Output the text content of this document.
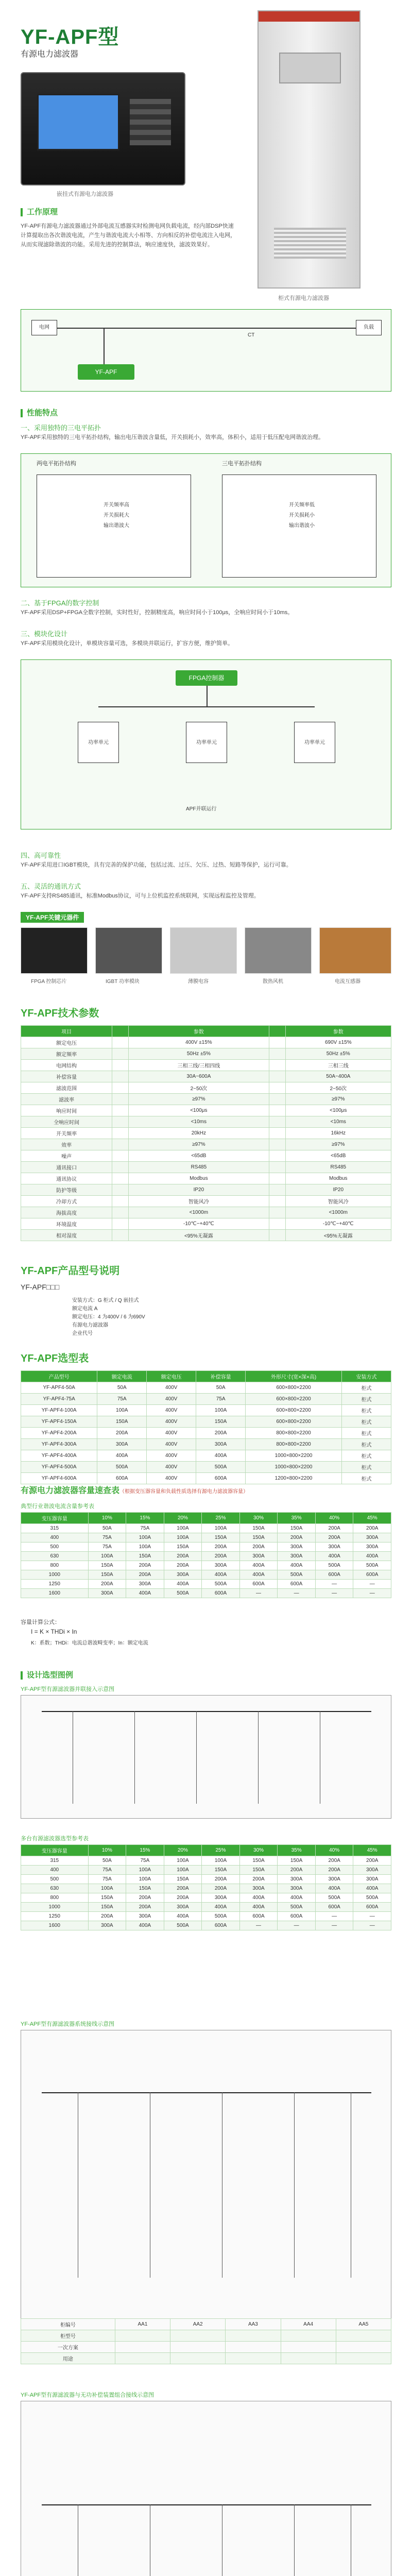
YF-APF型
有源电力滤波器
嵌挂式有源电力滤波器
柜式有源电力滤波器
工作原理
YF-APF有源电力滤波器通过外部电流互感器实时检测电网负载电流，经内部DSP快速计算提取出各次谐波电流，产生与谐波电流大小相等、方向相反的补偿电流注入电网，从而实现滤除谐波的功能。采用先进的控制算法，响应速度快，滤波效果好。
电网	负载
YF-APF
CT
性能特点
一、采用独特的三电平拓扑
YF-APF采用独特的三电平拓扑结构，输出电压谐波含量低，开关损耗小，效率高，体积小，适用于低压配电网谐波治理。
两电平拓扑结构	三电平拓扑结构
开关频率高
开关损耗大
输出谐波大
开关频率低
开关损耗小
输出谐波小
二、基于FPGA的数字控制
YF-APF采用DSP+FPGA全数字控制，实时性好，控制精度高，响应时间小于100μs，全响应时间小于10ms。
三、模块化设计
YF-APF采用模块化设计，单模块容量可选，多模块并联运行，扩容方便，维护简单。
FPGA控制器
功率单元	功率单元	功率单元
APF并联运行
四、高可靠性
YF-APF采用进口IGBT模块，具有完善的保护功能，包括过流、过压、欠压、过热、短路等保护，运行可靠。
五、灵活的通讯方式
YF-APF支持RS485通讯，标准Modbus协议，可与上位机监控系统联网，实现远程监控及管理。
YF-APF关键元器件
FPGA 控制芯片	IGBT 功率模块	薄膜电容	散热风机	电流互感器
YF-APF技术参数
项目		参数		参数
额定电压		400V ±15%		690V ±15%
额定频率		50Hz ±5%		50Hz ±5%
电网结构		三相三线/三相四线		三相三线
补偿容量		30A~600A		50A~400A
滤波范围		2~50次		2~50次
滤波率		≥97%		≥97%
响应时间		<100μs		<100μs
全响应时间		<10ms		<10ms
开关频率		20kHz		16kHz
效率		≥97%		≥97%
噪声		<65dB		<65dB
通讯接口		RS485		RS485
通讯协议		Modbus		Modbus
防护等级		IP20		IP20
冷却方式		智能风冷		智能风冷
海拔高度		<1000m		<1000m
环境温度		-10℃~+40℃		-10℃~+40℃
相对湿度		<95%无凝露		<95%无凝露
YF-APF产品型号说明
YF-APF□□□
安装方式：G 柜式 / Q 嵌挂式
额定电流 A
额定电压：4 为400V / 6 为690V
有源电力滤波器
企业代号
YF-APF选型表
产品型号	额定电流	额定电压	补偿容量	外形尺寸(宽×深×高)	安装方式
YF-APF4-50A	50A	400V	50A	600×800×2200	柜式
YF-APF4-75A	75A	400V	75A	600×800×2200	柜式
YF-APF4-100A	100A	400V	100A	600×800×2200	柜式
YF-APF4-150A	150A	400V	150A	600×800×2200	柜式
YF-APF4-200A	200A	400V	200A	800×800×2200	柜式
YF-APF4-300A	300A	400V	300A	800×800×2200	柜式
YF-APF4-400A	400A	400V	400A	1000×800×2200	柜式
YF-APF4-500A	500A	400V	500A	1000×800×2200	柜式
YF-APF4-600A	600A	400V	600A	1200×800×2200	柜式
有源电力滤波器容量速查表（根据变压器容量和负载性质选择有源电力滤波器容量）
典型行业谐波电流含量参考表
变压器容量	10%	15%	20%	25%	30%	35%	40%	45%
315	50A	75A	100A	100A	150A	150A	200A	200A
400	75A	100A	100A	150A	150A	200A	200A	300A
500	75A	100A	150A	200A	200A	300A	300A	300A
630	100A	150A	200A	200A	300A	300A	400A	400A
800	150A	200A	200A	300A	400A	400A	500A	500A
1000	150A	200A	300A	400A	400A	500A	600A	600A
1250	200A	300A	400A	500A	600A	600A	—	—
1600	300A	400A	500A	600A	—	—	—	—
容量计算公式：
I = K × THDi × In
K：系数；THDi：电流总谐波畸变率；In：额定电流
设计选型图例
YF-APF型有源滤波器并联接入示意图
多台有源滤波器选型参考表
变压器容量	10%	15%	20%	25%	30%	35%	40%	45%
315	50A	75A	100A	100A	150A	150A	200A	200A
400	75A	100A	100A	150A	150A	200A	200A	300A
500	75A	100A	150A	200A	200A	300A	300A	300A
630	100A	150A	200A	200A	300A	300A	400A	400A
800	150A	200A	200A	300A	400A	400A	500A	500A
1000	150A	200A	300A	400A	400A	500A	600A	600A
1250	200A	300A	400A	500A	600A	600A	—	—
1600	300A	400A	500A	600A	—	—	—	—
YF-APF型有源滤波器系统接线示意图
柜编号	AA1	AA2	AA3	AA4	AA5
柜型号					
一次方案					
用途					
YF-APF型有源滤波器与无功补偿装置组合接线示意图
